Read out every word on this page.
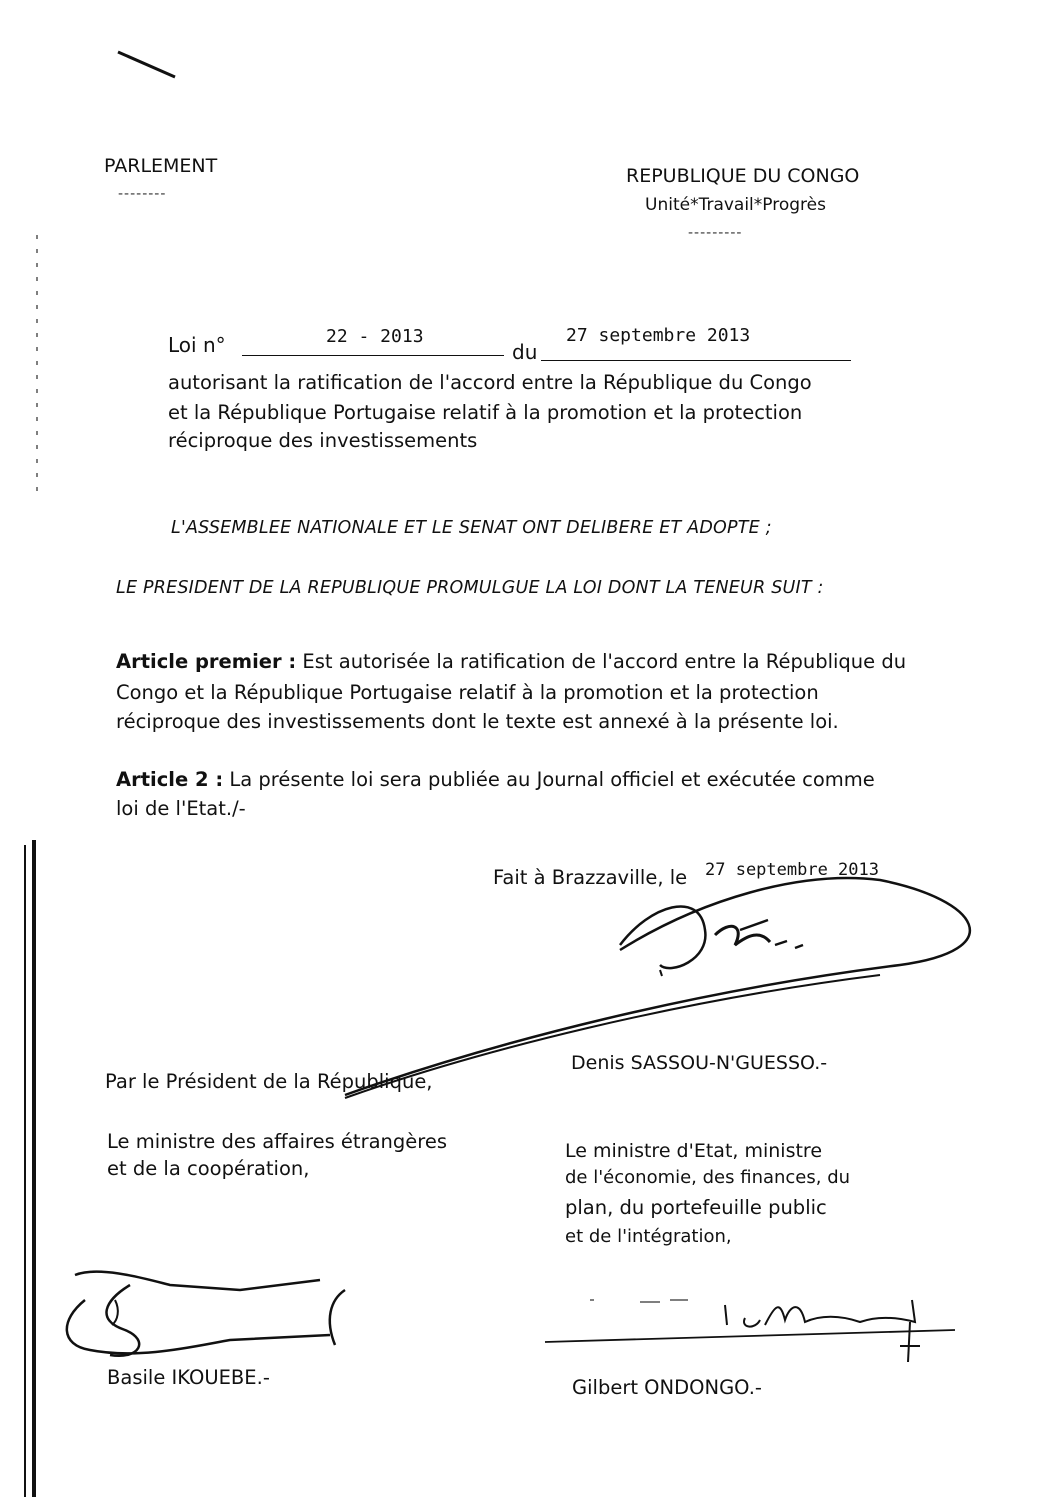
PARLEMENT
--------
REPUBLIQUE DU CONGO
Unité*Travail*Progrès
---------
Loi n°	22 - 2013
du
27 septembre 2013
autorisant la ratification de l'accord entre la République du Congo
et la République Portugaise relatif à la promotion et la protection
réciproque des investissements
L'ASSEMBLEE NATIONALE ET LE SENAT ONT DELIBERE ET ADOPTE ;
LE PRESIDENT DE LA REPUBLIQUE PROMULGUE LA LOI DONT LA TENEUR SUIT :
Article premier : Est autorisée la ratification de l'accord entre la République du
Congo et la République Portugaise relatif à la promotion et la protection
réciproque des investissements dont le texte est annexé à la présente loi.
Article 2 : La présente loi sera publiée au Journal officiel et exécutée comme
loi de l'Etat./-
Fait à Brazzaville, le 27 septembre 2013
Denis SASSOU-N'GUESSO.-
Par le Président de la République,
Le ministre des affaires étrangères
et de la coopération,
Le ministre d'Etat, ministre
de l'économie, des finances, du
plan, du portefeuille public
et de l'intégration,
Basile IKOUEBE.-	Gilbert ONDONGO.-
